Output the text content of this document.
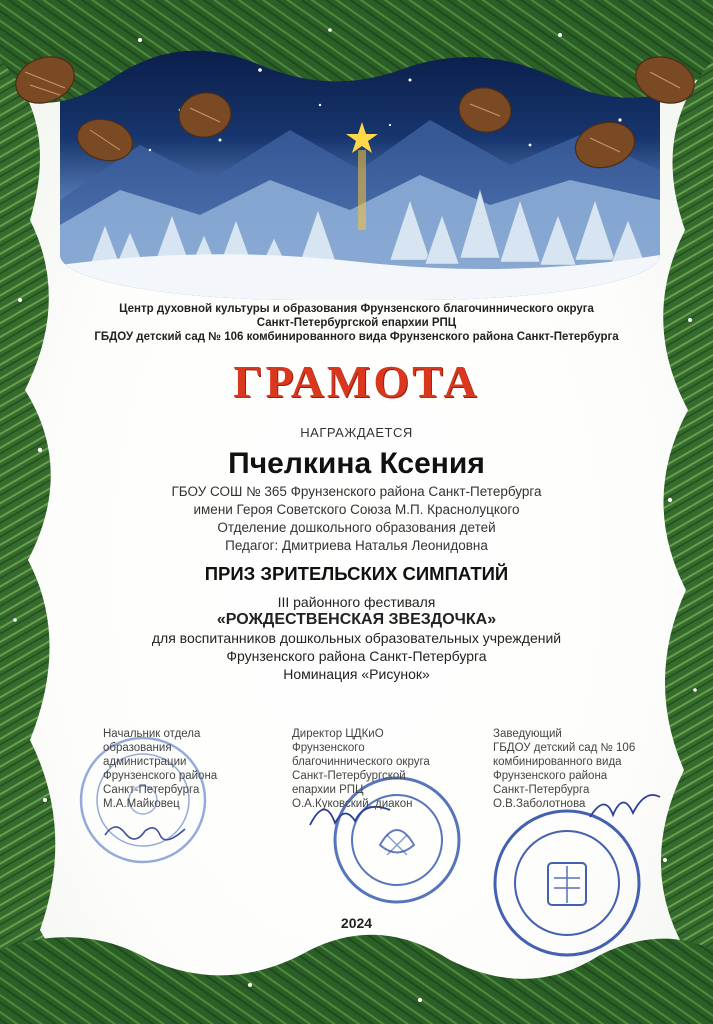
Центр духовной культуры и образования Фрунзенского благочиннического округа
Санкт-Петербургской епархии РПЦ
ГБДОУ детский сад № 106 комбинированного вида Фрунзенского района Санкт-Петербурга
ГРАМОТА
НАГРАЖДАЕТСЯ
Пчелкина Ксения
ГБОУ СОШ № 365 Фрунзенского района Санкт-Петербурга
имени Героя Советского Союза М.П. Краснолуцкого
Отделение дошкольного образования детей
Педагог: Дмитриева Наталья Леонидовна
ПРИЗ ЗРИТЕЛЬСКИХ СИМПАТИЙ
III районного фестиваля
«РОЖДЕСТВЕНСКАЯ ЗВЕЗДОЧКА»
для воспитанников дошкольных образовательных учреждений
Фрунзенского района Санкт-Петербурга
Номинация «Рисунок»
Начальник отдела
образования
администрации
Фрунзенского района
Санкт-Петербурга
М.А.Майковец
Директор ЦДКиО
Фрунзенского
благочиннического округа
Санкт-Петербургской
епархии РПЦ
О.А.Куковский, диакон
Заведующий
ГБДОУ детский сад № 106
комбинированного вида
Фрунзенского района
Санкт-Петербурга
О.В.Заболотнова
2024
